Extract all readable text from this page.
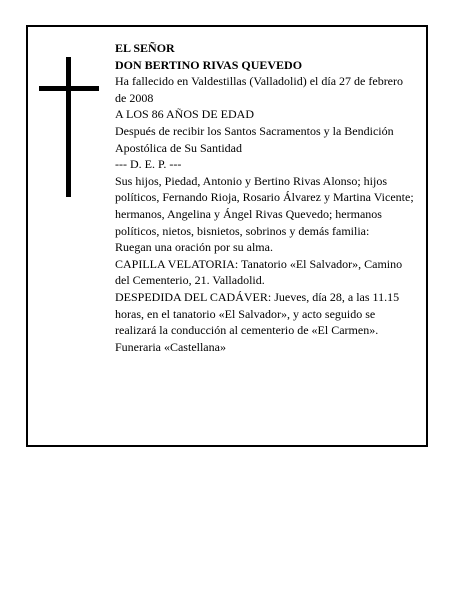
EL SEÑOR

DON BERTINO RIVAS QUEVEDO

Ha fallecido en Valdestillas (Valladolid) el día 27 de febrero de 2008

A LOS 86 AÑOS DE EDAD

Después de recibir los Santos Sacramentos y la Bendición Apostólica de Su Santidad

--- D. E. P. ---

Sus hijos, Piedad, Antonio y Bertino Rivas Alonso; hijos políticos, Fernando Rioja, Rosario Álvarez y Martina Vicente; hermanos, Angelina y Ángel Rivas Quevedo; hermanos políticos, nietos, bisnietos, sobrinos y demás familia:

Ruegan una oración por su alma.

CAPILLA VELATORIA: Tanatorio «El Salvador», Camino del Cementerio, 21. Valladolid.

DESPEDIDA DEL CADÁVER: Jueves, día 28, a las 11.15 horas, en el tanatorio «El Salvador», y acto seguido se realizará la conducción al cementerio de «El Carmen».

Funeraria «Castellana»
